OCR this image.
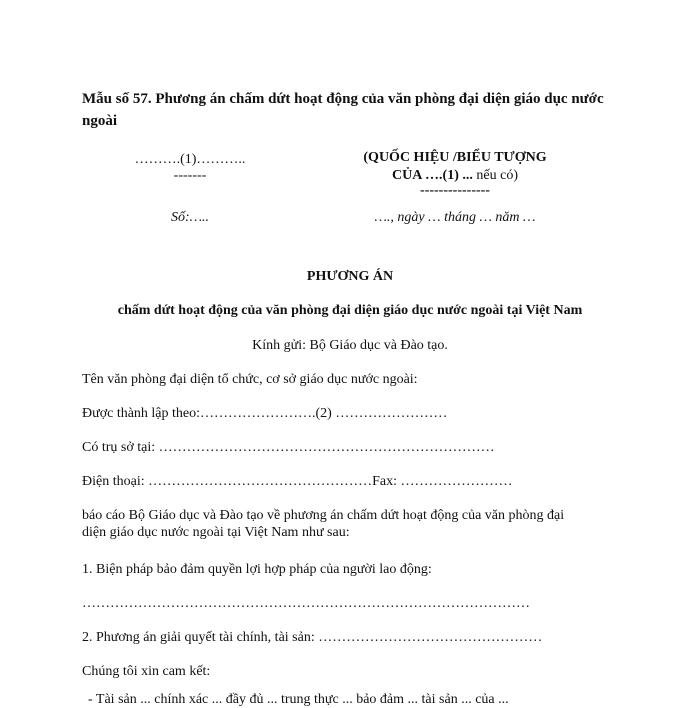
Mẫu số 57. Phương án chấm dứt hoạt động của văn phòng đại diện giáo dục nước ngoài
……….(1)………..
-------
(QUỐC HIỆU /BIỂU TƯỢNG
CỦA ….(1) ... nếu có)
---------------
Số:…..	…., ngày … tháng … năm …
PHƯƠNG ÁN
chấm dứt hoạt động của văn phòng đại diện giáo dục nước ngoài tại Việt Nam
Kính gửi: Bộ Giáo dục và Đào tạo.
Tên văn phòng đại diện tổ chức, cơ sở giáo dục nước ngoài:
Được thành lập theo:…………………….(2) ……………………
Có trụ sở tại: ………………………………………………………………
Điện thoại: …………………………………………Fax: ……………………
báo cáo Bộ Giáo dục và Đào tạo về phương án chấm dứt hoạt động của văn phòng đại
diện giáo dục nước ngoài tại Việt Nam như sau:
1. Biện pháp bảo đảm quyền lợi hợp pháp của người lao động:
……………………………………………………………………………………
2. Phương án giải quyết tài chính, tài sản: …………………………………………
Chúng tôi xin cam kết:
- Tài sản ... chính xác ... đầy đủ ... trung thực ... bảo đảm ... tài sản ... của ...
